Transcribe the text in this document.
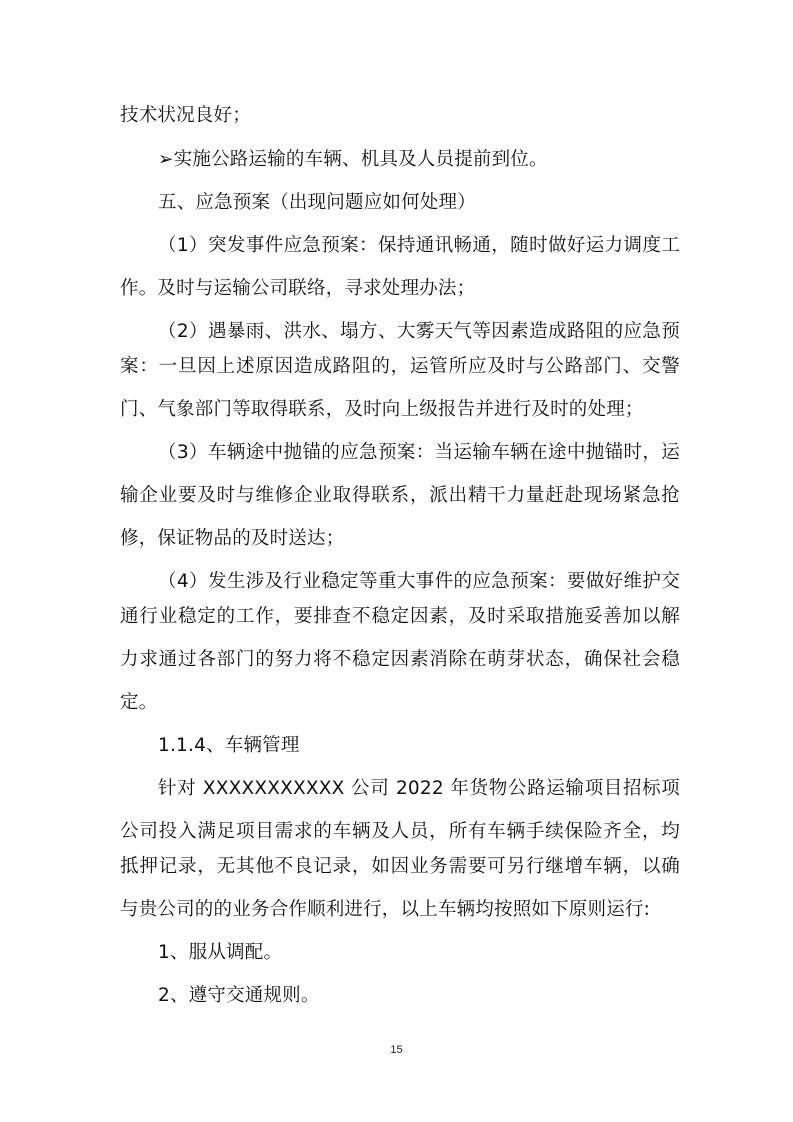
技术状况良好；
➢实施公路运输的车辆、机具及人员提前到位。
五、应急预案（出现问题应如何处理）
（1）突发事件应急预案：保持通讯畅通，随时做好运力调度工
作。及时与运输公司联络，寻求处理办法；
（2）遇暴雨、洪水、塌方、大雾天气等因素造成路阻的应急预
案：一旦因上述原因造成路阻的，运管所应及时与公路部门、交警
门、气象部门等取得联系，及时向上级报告并进行及时的处理；
（3）车辆途中抛锚的应急预案：当运输车辆在途中抛锚时，运
输企业要及时与维修企业取得联系，派出精干力量赶赴现场紧急抢
修，保证物品的及时送达；
（4）发生涉及行业稳定等重大事件的应急预案：要做好维护交
通行业稳定的工作，要排查不稳定因素，及时采取措施妥善加以解
力求通过各部门的努力将不稳定因素消除在萌芽状态，确保社会稳
定。
1.1.4、车辆管理
针对 XXXXXXXXXXX 公司 2022 年货物公路运输项目招标项
公司投入满足项目需求的车辆及人员，所有车辆手续保险齐全，均
抵押记录，无其他不良记录，如因业务需要可另行继增车辆，以确
与贵公司的的业务合作顺利进行，以上车辆均按照如下原则运行:
1、服从调配。
2、遵守交通规则。
15
